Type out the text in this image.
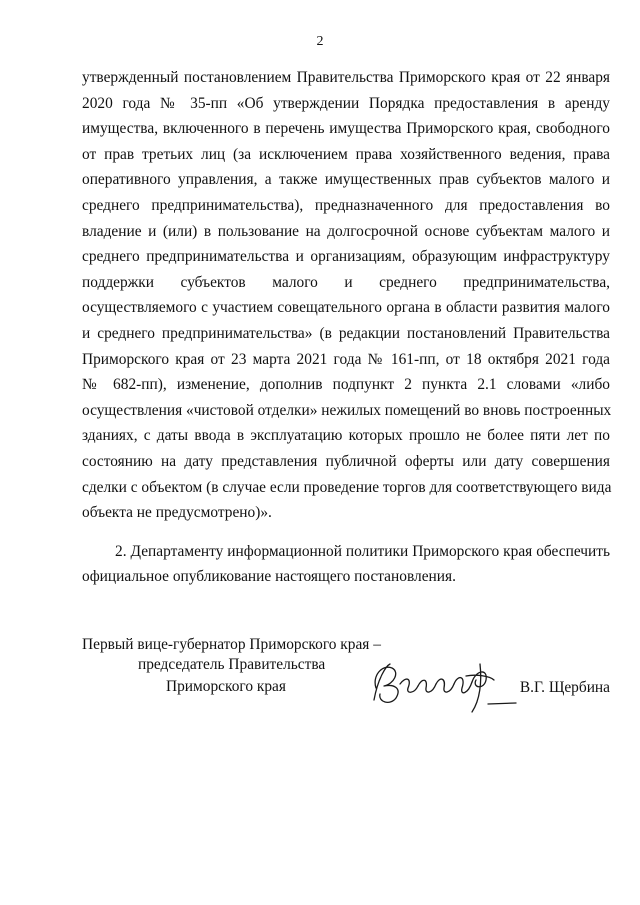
2
утвержденный постановлением Правительства Приморского края от 22 января
2020 года № 35-пп «Об утверждении Порядка предоставления в аренду
имущества, включенного в перечень имущества Приморского края, свободного
от прав третьих лиц (за исключением права хозяйственного ведения, права
оперативного управления, а также имущественных прав субъектов малого и
среднего предпринимательства), предназначенного для предоставления во
владение и (или) в пользование на долгосрочной основе субъектам малого и
среднего предпринимательства и организациям, образующим инфраструктуру
поддержки субъектов малого и среднего предпринимательства,
осуществляемого с участием совещательного органа в области развития малого
и среднего предпринимательства» (в редакции постановлений Правительства
Приморского края от 23 марта 2021 года № 161-пп, от 18 октября 2021 года
№ 682-пп), изменение, дополнив подпункт 2 пункта 2.1 словами «либо
осуществления «чистовой отделки» нежилых помещений во вновь построенных
зданиях, с даты ввода в эксплуатацию которых прошло не более пяти лет по
состоянию на дату представления публичной оферты или дату совершения
сделки с объектом (в случае если проведение торгов для соответствующего вида
объекта не предусмотрено)».
2. Департаменту информационной политики Приморского края обеспечить
официальное опубликование настоящего постановления.
Первый вице-губернатор Приморского края –
председатель Правительства
Приморского края	В.Г. Щербина
